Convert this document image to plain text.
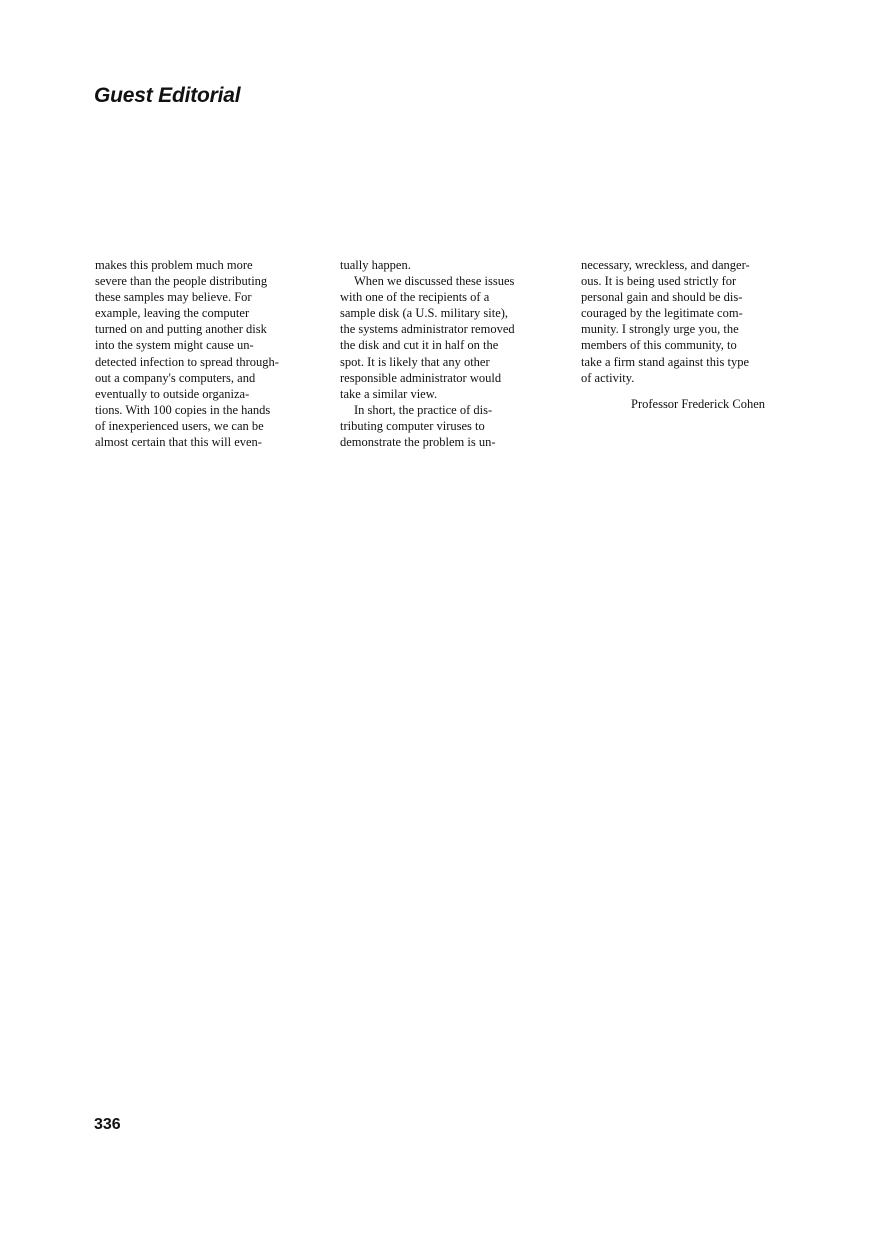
Guest Editorial
makes this problem much more
severe than the people distributing
these samples may believe. For
example, leaving the computer
turned on and putting another disk
into the system might cause un-
detected infection to spread through-
out a company's computers, and
eventually to outside organiza-
tions. With 100 copies in the hands
of inexperienced users, we can be
almost certain that this will even-
tually happen.
When we discussed these issues
with one of the recipients of a
sample disk (a U.S. military site),
the systems administrator removed
the disk and cut it in half on the
spot. It is likely that any other
responsible administrator would
take a similar view.
In short, the practice of dis-
tributing computer viruses to
demonstrate the problem is un-
necessary, wreckless, and danger-
ous. It is being used strictly for
personal gain and should be dis-
couraged by the legitimate com-
munity. I strongly urge you, the
members of this community, to
take a firm stand against this type
of activity.
Professor Frederick Cohen
336
